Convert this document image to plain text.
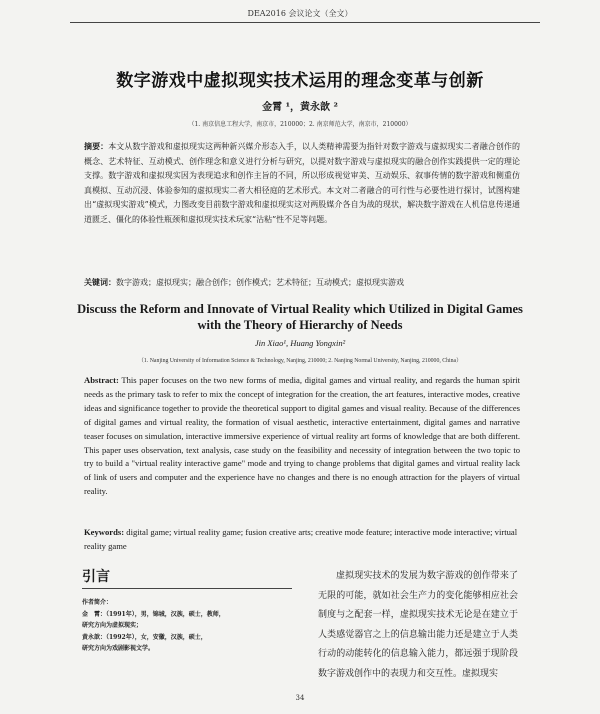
DEA2016 会议论文（全文）
数字游戏中虚拟现实技术运用的理念变革与创新
金霄 ¹，黄永歆 ²
（1. 南京信息工程大学，南京市，210000；2. 南京师范大学，南京市，210000）
摘要：本文从数字游戏和虚拟现实这两种新兴媒介形态入手，以人类精神需要为指针对数字游戏与虚拟现实二者融合创作的概念、艺术特征、互动模式、创作理念和意义进行分析与研究，以提对数字游戏与虚拟现实的融合创作实践提供一定的理论支撑。数字游戏和虚拟现实因为表现追求和创作主旨的不同，所以形成视觉审美、互动娱乐、叙事传情的数字游戏和侧重仿真模拟、互动沉浸、体验参知的虚拟现实二者大相径庭的艺术形式。本文对二者融合的可行性与必要性进行探讨，试图构建出“虚拟现实游戏”模式，力图改变目前数字游戏和虚拟现实这对两股媒介各自为战的现状，解决数字游戏在人机信息传递通道匮乏、僵化的体验性瓶颈和虚拟现实技术玩家“沾粘”性不足等问题。
关键词：数字游戏；虚拟现实；融合创作；创作模式；艺术特征；互动模式；虚拟现实游戏
Discuss the Reform and Innovate of Virtual Reality which Utilized in Digital Games with the Theory of Hierarchy of Needs
Jin Xiao¹, Huang Yongxin²
（1. Nanjing University of Information Science & Technology, Nanjing, 210000; 2. Nanjing Normal University, Nanjing, 210000, China）
Abstract: This paper focuses on the two new forms of media, digital games and virtual reality, and regards the human spirit needs as the primary task to refer to mix the concept of integration for the creation, the art features, interactive modes, creative ideas and significance together to provide the theoretical support to digital games and visual reality. Because of the differences of digital games and virtual reality, the formation of visual aesthetic, interactive entertainment, digital games and narrative teaser focuses on simulation, interactive immersive experience of virtual reality art forms of knowledge that are both different. This paper uses observation, text analysis, case study on the feasibility and necessity of integration between the two topic to try to build a "virtual reality interactive game" mode and trying to change problems that digital games and virtual reality lack of link of users and computer and the experience have no changes and there is no enough attraction for the players of virtual reality.
Keywords: digital game; virtual reality game; fusion creative arts; creative mode feature; interactive mode interactive; virtual reality game
引言
作者简介：
金　霄：（1991年），男，锦城，汉族，硕士，教师，
研究方向为虚拟现实；
黄永歆：（1992年），女，安徽，汉族，硕士，
研究方向为戏剧影视文学。
虚拟现实技术的发展为数字游戏的创作带来了无限的可能，就如社会生产力的变化能够相应社会制度与之配套一样，虚拟现实技术无论是在建立于人类感觉器官之上的信息输出能力还是建立于人类行动的动能转化的信息输入能力，都远强于现阶段数字游戏创作中的表现力和交互性。虚拟现实
34
